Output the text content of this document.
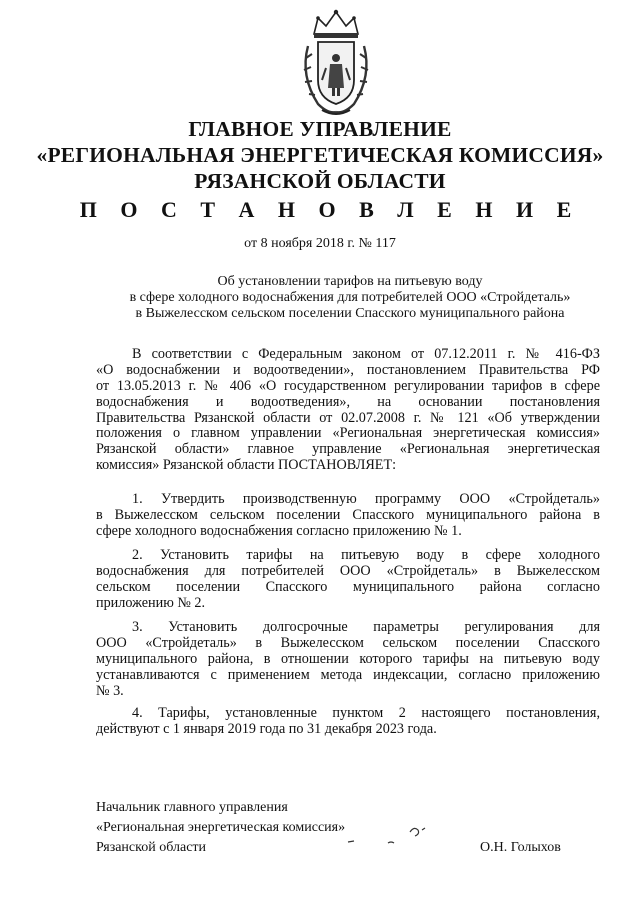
ГЛАВНОЕ УПРАВЛЕНИЕ
«РЕГИОНАЛЬНАЯ ЭНЕРГЕТИЧЕСКАЯ КОМИССИЯ»
РЯЗАНСКОЙ ОБЛАСТИ
П О С Т А Н О В Л Е Н И Е
от 8 ноября 2018 г. № 117
Об установлении тарифов на питьевую воду
в сфере холодного водоснабжения для потребителей ООО «Стройдеталь»
в Выжелесском сельском поселении Спасского муниципального района
В соответствии с Федеральным законом от 07.12.2011 г. № 416-ФЗ
«О водоснабжении и водоотведении», постановлением Правительства РФ
от 13.05.2013 г. № 406 «О государственном регулировании тарифов в сфере
водоснабжения и водоотведения», на основании постановления
Правительства Рязанской области от 02.07.2008 г. № 121 «Об утверждении
положения о главном управлении «Региональная энергетическая комиссия»
Рязанской области» главное управление «Региональная энергетическая
комиссия» Рязанской области ПОСТАНОВЛЯЕТ:
1. Утвердить производственную программу ООО «Стройдеталь»
в Выжелесском сельском поселении Спасского муниципального района в
сфере холодного водоснабжения согласно приложению № 1.
2. Установить тарифы на питьевую воду в сфере холодного
водоснабжения для потребителей ООО «Стройдеталь» в Выжелесском
сельском поселении Спасского муниципального района согласно
приложению № 2.
3. Установить долгосрочные параметры регулирования для
ООО «Стройдеталь» в Выжелесском сельском поселении Спасского
муниципального района, в отношении которого тарифы на питьевую воду
устанавливаются с применением метода индексации, согласно приложению
№ 3.
4. Тарифы, установленные пунктом 2 настоящего постановления,
действуют с 1 января 2019 года по 31 декабря 2023 года.
Начальник главного управления
«Региональная энергетическая комиссия»
Рязанской области	О.Н. Голыхов
